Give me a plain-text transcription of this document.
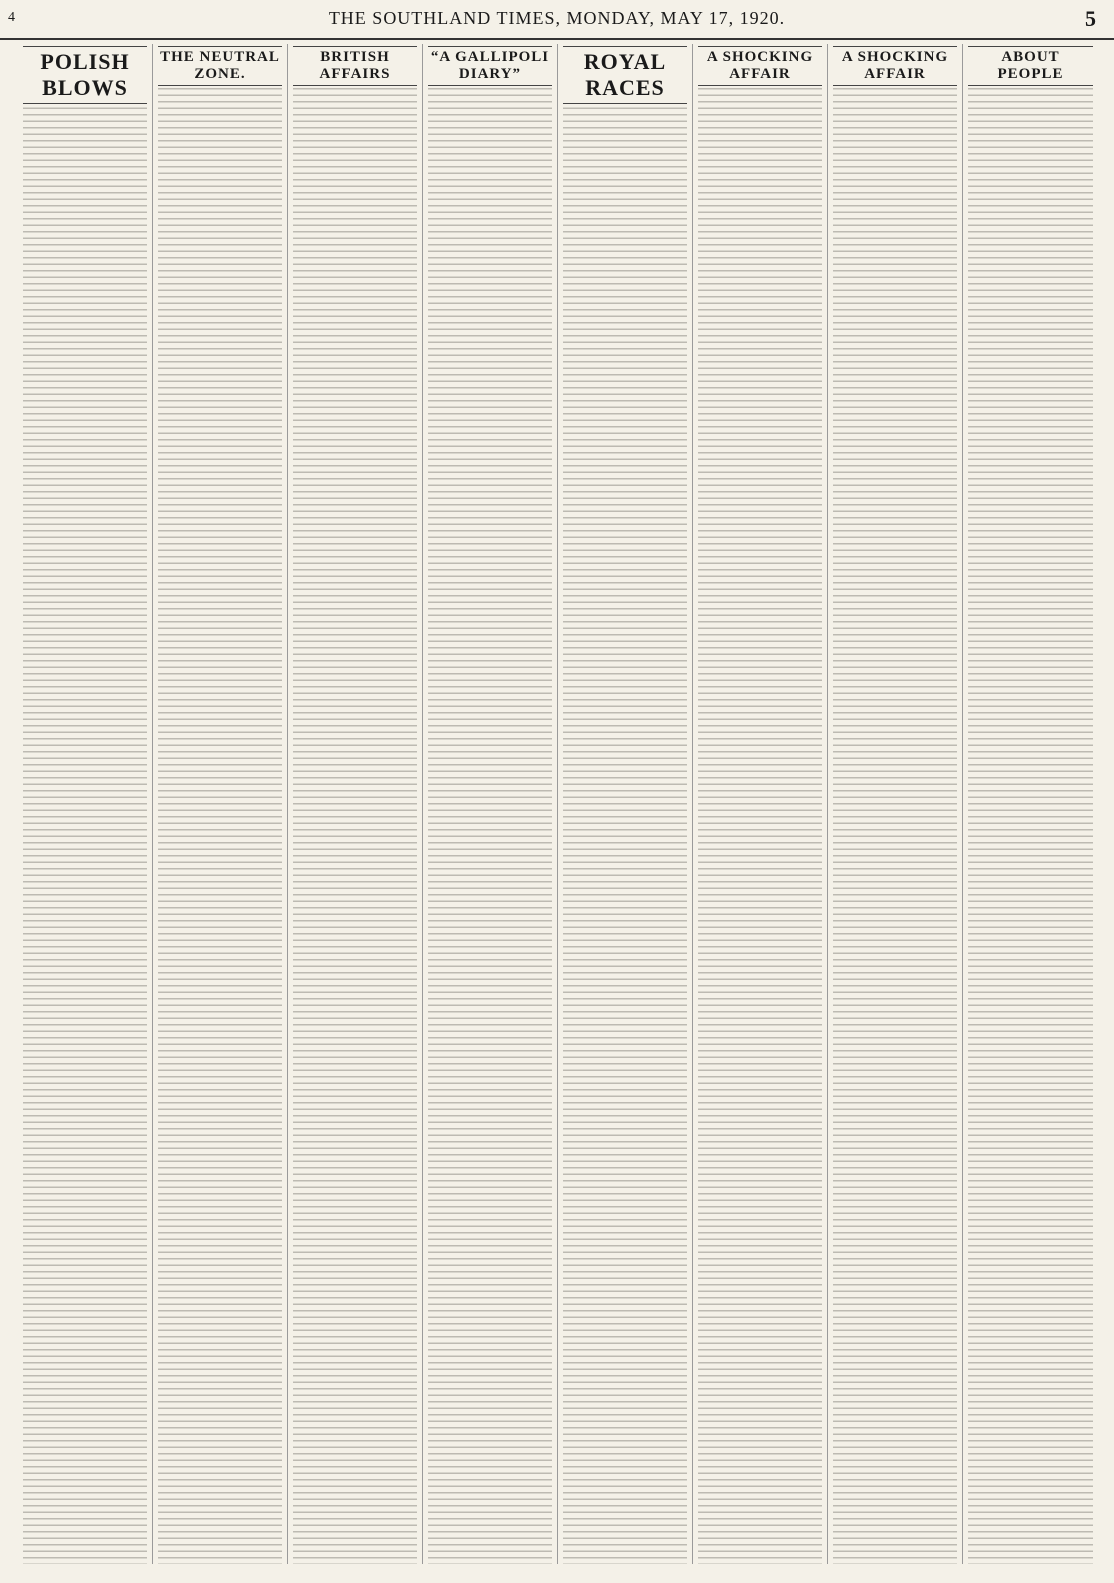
4	THE SOUTHLAND TIMES, MONDAY, MAY 17, 1920.	5
POLISH BLOWS
THE NEUTRAL ZONE.
BRITISH AFFAIRS
“A GALLIPOLI DIARY”	ROYAL RACES
A SHOCKING AFFAIR
A SHOCKING AFFAIR
ABOUT PEOPLE
